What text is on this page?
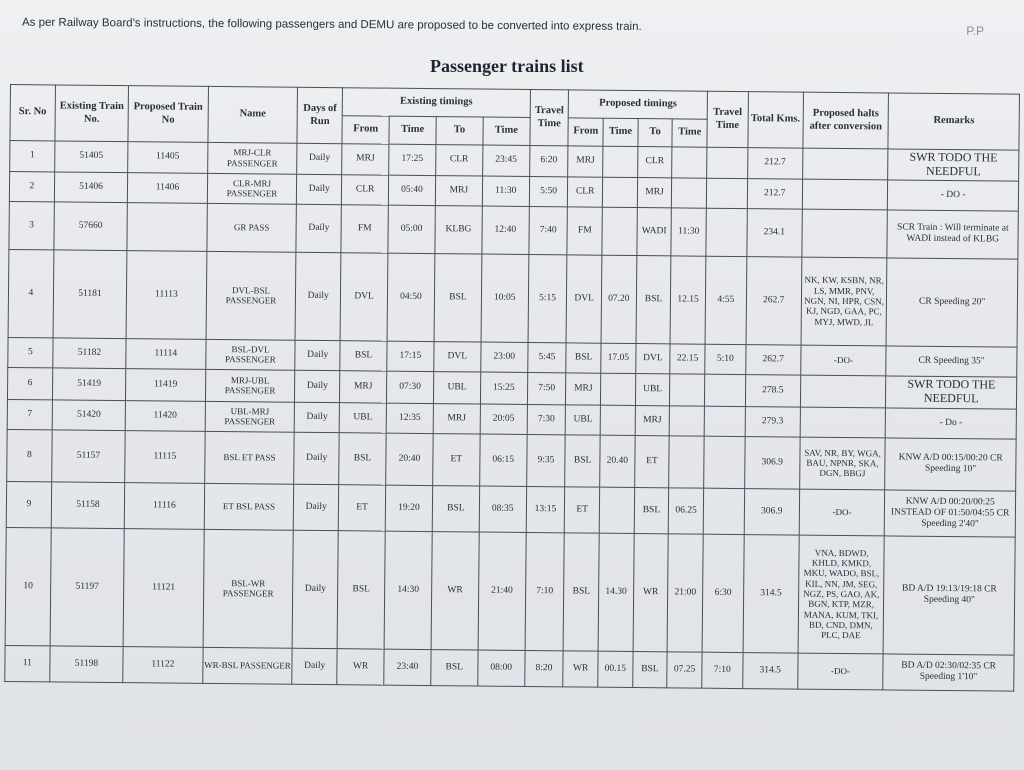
As per Railway Board's instructions, the following passengers and DEMU are proposed to be converted into express train.	P.P
Passenger trains list
Sr. No	Existing Train No.	Proposed Train No	Name	Days of Run	Existing timings				Travel Time	Proposed timings				Travel Time	Total Kms.	Proposed halts after conversion	Remarks
					From	Time	To	Time		From	Time	To	Time				
1	51405	11405	MRJ-CLR PASSENGER	Daily	MRJ	17:25	CLR	23:45	6:20	MRJ		CLR			212.7		SWR TODO THE NEEDFUL
2	51406	11406	CLR-MRJ PASSENGER	Daily	CLR	05:40	MRJ	11:30	5:50	CLR		MRJ			212.7		- DO -
3	57660		GR PASS	Daily	FM	05:00	KLBG	12:40	7:40	FM		WADI	11:30		234.1		SCR Train : Will terminate at WADI instead of KLBG
4	51181	11113	DVL-BSL PASSENGER	Daily	DVL	04:50	BSL	10:05	5:15	DVL	07.20	BSL	12.15	4:55	262.7	NK, KW, KSBN, NR, LS, MMR, PNV, NGN, NI, HPR, CSN, KJ, NGD, GAA, PC, MYJ, MWD, JL	CR Speeding 20"
5	51182	11114	BSL-DVL PASSENGER	Daily	BSL	17:15	DVL	23:00	5:45	BSL	17.05	DVL	22.15	5:10	262.7	-DO-	CR Speeding 35"
6	51419	11419	MRJ-UBL PASSENGER	Daily	MRJ	07:30	UBL	15:25	7:50	MRJ		UBL			278.5		SWR TODO THE NEEDFUL
7	51420	11420	UBL-MRJ PASSENGER	Daily	UBL	12:35	MRJ	20:05	7:30	UBL		MRJ			279.3		- Do -
8	51157	11115	BSL ET PASS	Daily	BSL	20:40	ET	06:15	9:35	BSL	20.40	ET			306.9	SAV, NR, BY, WGA, BAU, NPNR, SKA, DGN, BBGJ	KNW A/D 00:15/00:20 CR Speeding 10"
9	51158	11116	ET BSL PASS	Daily	ET	19:20	BSL	08:35	13:15	ET		BSL	06.25		306.9	-DO-	KNW A/D 00:20/00:25 INSTEAD OF 01:50/04:55 CR Speeding 2'40"
10	51197	11121	BSL-WR PASSENGER	Daily	BSL	14:30	WR	21:40	7:10	BSL	14.30	WR	21:00	6:30	314.5	VNA, BDWD, KHLD, KMKD, MKU, WADO, BSL, KIL, NN, JM, SEG, NGZ, PS, GAO, AK, BGN, KTP, MZR, MANA, KUM, TKI, BD, CND, DMN, PLC, DAE	BD A/D 19:13/19:18 CR Speeding 40"
11	51198	11122	WR-BSL PASSENGER	Daily	WR	23:40	BSL	08:00	8:20	WR	00.15	BSL	07.25	7:10	314.5	-DO-	BD A/D 02:30/02:35 CR Speeding 1'10"
